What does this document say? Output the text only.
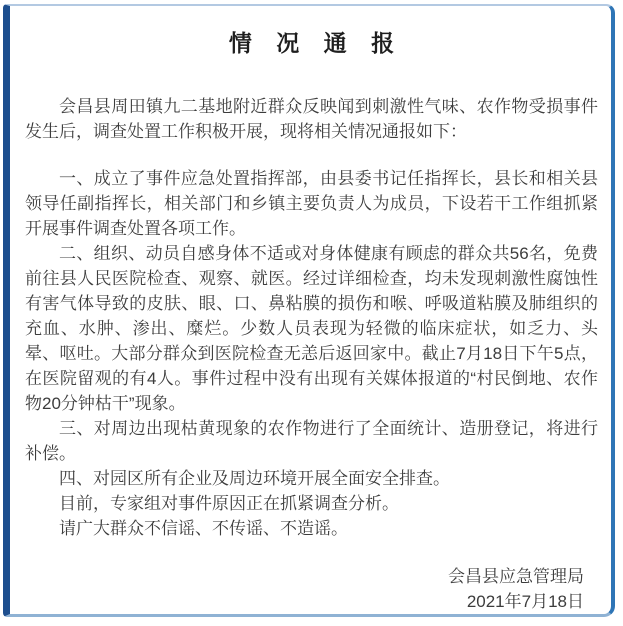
情 况 通 报

会昌县周田镇九二基地附近群众反映闻到刺激性气味、农作物受损事件发生后，调查处置工作积极开展，现将相关情况通报如下：

一、成立了事件应急处置指挥部，由县委书记任指挥长，县长和相关县领导任副指挥长，相关部门和乡镇主要负责人为成员，下设若干工作组抓紧开展事件调查处置各项工作。

二、组织、动员自感身体不适或对身体健康有顾虑的群众共56名，免费前往县人民医院检查、观察、就医。经过详细检查，均未发现刺激性腐蚀性有害气体导致的皮肤、眼、口、鼻粘膜的损伤和喉、呼吸道粘膜及肺组织的充血、水肿、渗出、糜烂。少数人员表现为轻微的临床症状，如乏力、头晕、呕吐。大部分群众到医院检查无恙后返回家中。截止7月18日下午5点，在医院留观的有4人。事件过程中没有出现有关媒体报道的“村民倒地、农作物20分钟枯干”现象。

三、对周边出现枯黄现象的农作物进行了全面统计、造册登记，将进行补偿。

四、对园区所有企业及周边环境开展全面安全排查。

目前，专家组对事件原因正在抓紧调查分析。

请广大群众不信谣、不传谣、不造谣。

会昌县应急管理局

2021年7月18日
